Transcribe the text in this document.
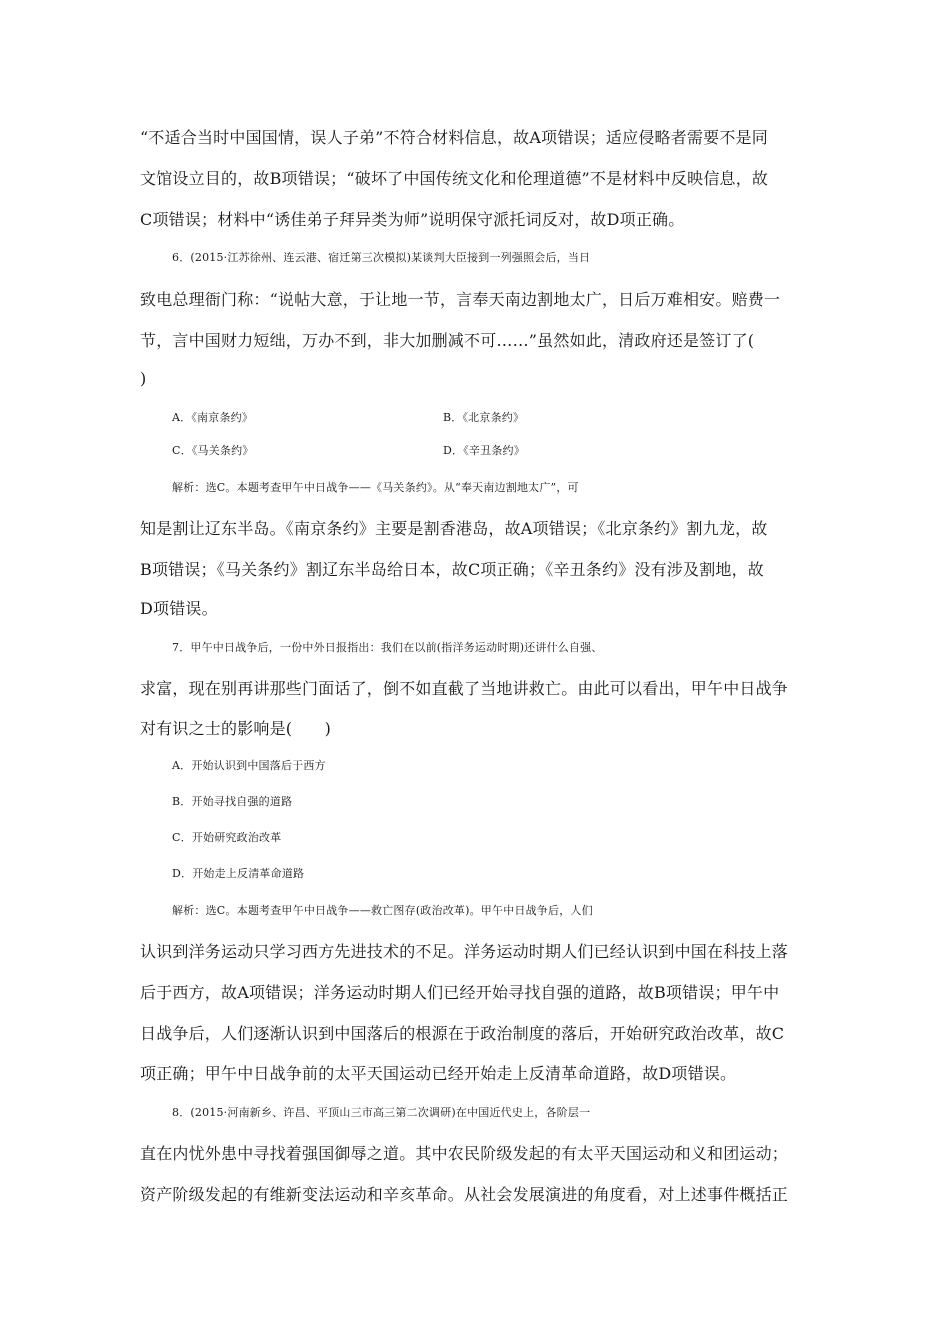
“不适合当时中国国情，误人子弟”不符合材料信息，故A项错误；适应侵略者需要不是同
文馆设立目的，故B项错误；“破坏了中国传统文化和伦理道德”不是材料中反映信息，故
C项错误；材料中“诱佳弟子拜异类为师”说明保守派托词反对，故D项正确。
6．(2015·江苏徐州、连云港、宿迁第三次模拟)某谈判大臣接到一列强照会后，当日
致电总理衙门称：“说帖大意，于让地一节，言奉天南边割地太广，日后万难相安。赔费一
节，言中国财力短绌，万办不到，非大加删减不可……”虽然如此，清政府还是签订了(
)
A．《南京条约》	B．《北京条约》
C．《马关条约》	D．《辛丑条约》
解析：选C。本题考查甲午中日战争——《马关条约》。从“奉天南边割地太广”，可
知是割让辽东半岛。《南京条约》主要是割香港岛，故A项错误；《北京条约》割九龙，故
B项错误；《马关条约》割辽东半岛给日本，故C项正确；《辛丑条约》没有涉及割地，故
D项错误。
7．甲午中日战争后，一份中外日报指出：我们在以前(指洋务运动时期)还讲什么自强、
求富，现在别再讲那些门面话了，倒不如直截了当地讲救亡。由此可以看出，甲午中日战争
对有识之士的影响是(　　)
A．开始认识到中国落后于西方
B．开始寻找自强的道路
C．开始研究政治改革
D．开始走上反清革命道路
解析：选C。本题考查甲午中日战争——救亡图存(政治改革)。甲午中日战争后，人们
认识到洋务运动只学习西方先进技术的不足。洋务运动时期人们已经认识到中国在科技上落
后于西方，故A项错误；洋务运动时期人们已经开始寻找自强的道路，故B项错误；甲午中
日战争后，人们逐渐认识到中国落后的根源在于政治制度的落后，开始研究政治改革，故C
项正确；甲午中日战争前的太平天国运动已经开始走上反清革命道路，故D项错误。
8．(2015·河南新乡、许昌、平顶山三市高三第二次调研)在中国近代史上，各阶层一
直在内忧外患中寻找着强国御辱之道。其中农民阶级发起的有太平天国运动和义和团运动；
资产阶级发起的有维新变法运动和辛亥革命。从社会发展演进的角度看，对上述事件概括正
